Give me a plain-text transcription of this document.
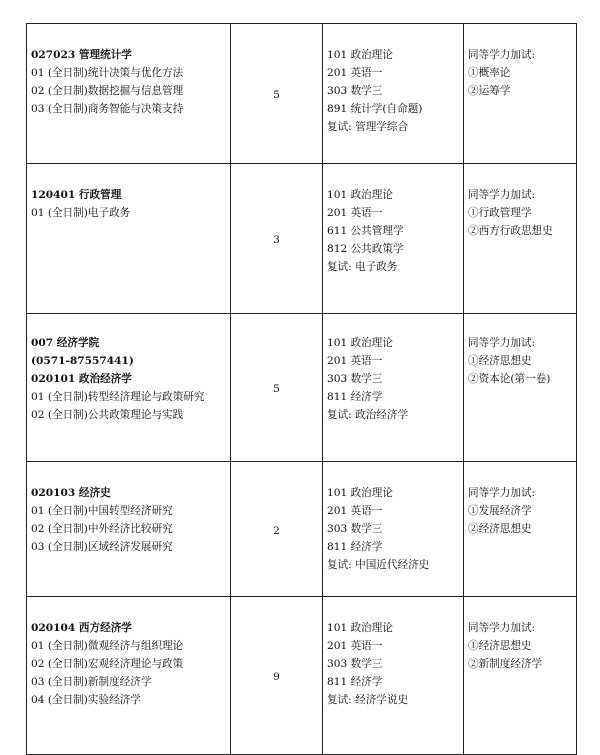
027023 管理统计学
01 (全日制)统计决策与优化方法
02 (全日制)数据挖掘与信息管理
03 (全日制)商务智能与决策支持	5	101 政治理论
201 英语一
303 数学三
891 统计学(自命题)
复试: 管理学综合	同等学力加试:
①概率论
②运筹学

120401 行政管理
01 (全日制)电子政务	3	101 政治理论
201 英语一
611 公共管理学
812 公共政策学
复试: 电子政务	同等学力加试:
①行政管理学
②西方行政思想史

007 经济学院
(0571-87557441)
020101 政治经济学
01 (全日制)转型经济理论与政策研究
02 (全日制)公共政策理论与实践	5	101 政治理论
201 英语一
303 数学三
811 经济学
复试: 政治经济学	同等学力加试:
①经济思想史
②资本论(第一卷)

020103 经济史
01 (全日制)中国转型经济研究
02 (全日制)中外经济比较研究
03 (全日制)区域经济发展研究	2	101 政治理论
201 英语一
303 数学三
811 经济学
复试: 中国近代经济史	同等学力加试:
①发展经济学
②经济思想史

020104 西方经济学
01 (全日制)微观经济与组织理论
02 (全日制)宏观经济理论与政策
03 (全日制)新制度经济学
04 (全日制)实验经济学	9	101 政治理论
201 英语一
303 数学三
811 经济学
复试: 经济学说史	同等学力加试:
①经济思想史
②新制度经济学
